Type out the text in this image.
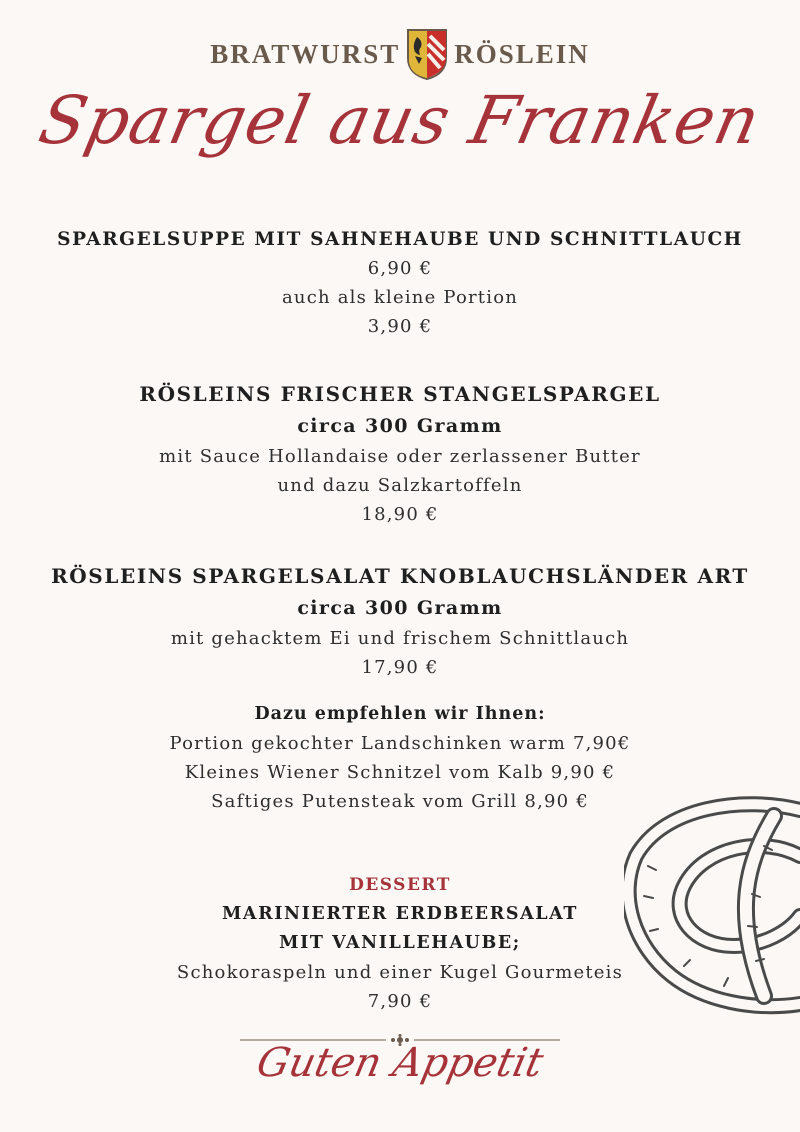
BRATWURST RÖSLEIN
Spargel aus Franken
SPARGELSUPPE MIT SAHNEHAUBE UND SCHNITTLAUCH
6,90 €
auch als kleine Portion
3,90 €
RÖSLEINS FRISCHER STANGELSPARGEL
circa 300 Gramm
mit Sauce Hollandaise oder zerlassener Butter
und dazu Salzkartoffeln
18,90 €
RÖSLEINS SPARGELSALAT KNOBLAUCHSLÄNDER ART
circa 300 Gramm
mit gehacktem Ei und frischem Schnittlauch
17,90 €
Dazu empfehlen wir Ihnen:
Portion gekochter Landschinken warm 7,90€
Kleines Wiener Schnitzel vom Kalb 9,90 €
Saftiges Putensteak vom Grill 8,90 €
DESSERT
MARINIERTER ERDBEERSALAT
MIT VANILLEHAUBE;
Schokoraspeln und einer Kugel Gourmeteis
7,90 €
Guten Appetit
